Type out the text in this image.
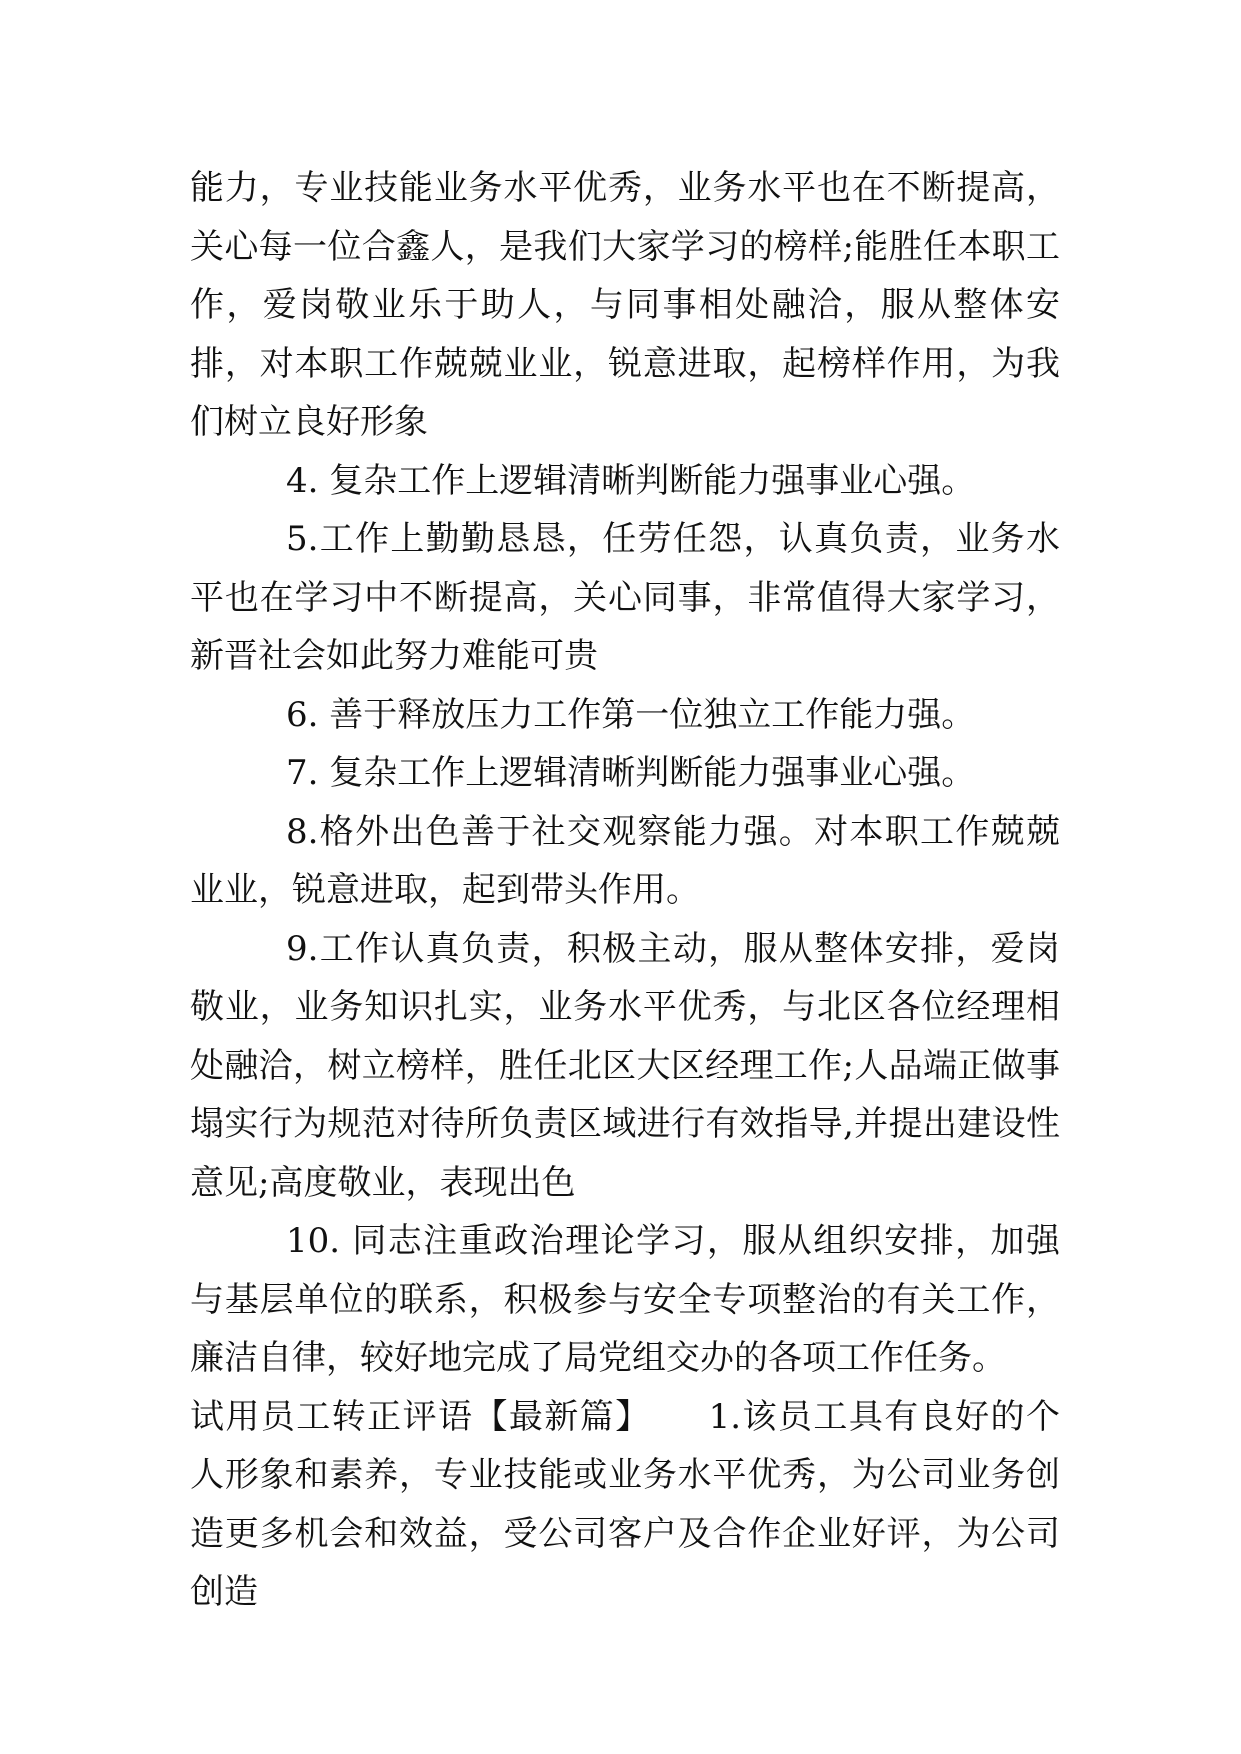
能力，专业技能业务水平优秀，业务水平也在不断提高，关心每一位合鑫人，是我们大家学习的榜样;能胜任本职工作，爱岗敬业乐于助人，与同事相处融洽，服从整体安排，对本职工作兢兢业业，锐意进取，起榜样作用，为我们树立良好形象

4. 复杂工作上逻辑清晰判断能力强事业心强。

5.工作上勤勤恳恳，任劳任怨，认真负责，业务水平也在学习中不断提高，关心同事，非常值得大家学习，新晋社会如此努力难能可贵

6. 善于释放压力工作第一位独立工作能力强。

7. 复杂工作上逻辑清晰判断能力强事业心强。

8.格外出色善于社交观察能力强。对本职工作兢兢业业，锐意进取，起到带头作用。

9.工作认真负责，积极主动，服从整体安排，爱岗敬业，业务知识扎实，业务水平优秀，与北区各位经理相处融洽，树立榜样，胜任北区大区经理工作;人品端正做事塌实行为规范对待所负责区域进行有效指导,并提出建设性意见;高度敬业，表现出色

10. 同志注重政治理论学习，服从组织安排，加强与基层单位的联系，积极参与安全专项整治的有关工作，廉洁自律，较好地完成了局党组交办的各项工作任务。

试用员工转正评语【最新篇】 1.该员工具有良好的个人形象和素养，专业技能或业务水平优秀，为公司业务创造更多机会和效益，受公司客户及合作企业好评，为公司创造
